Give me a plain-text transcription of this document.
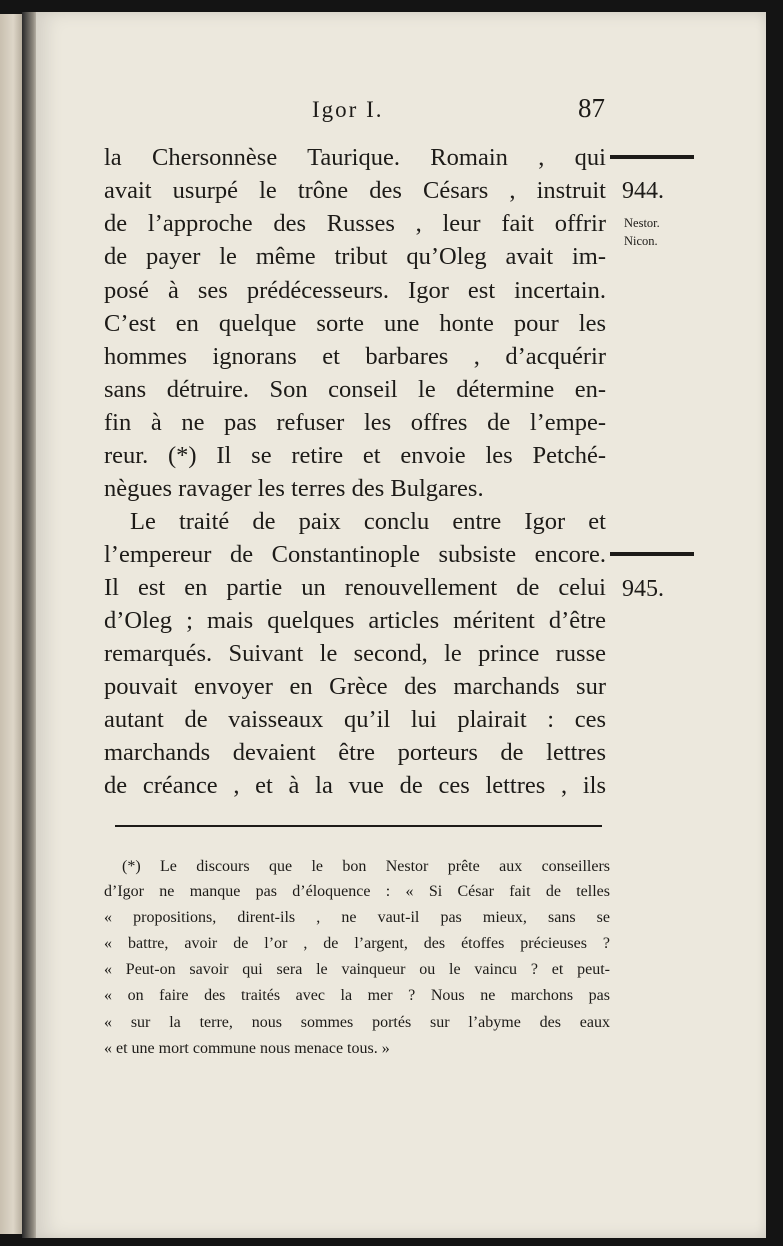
Igor I.	87
la Chersonnèse Taurique. Romain , qui
avait usurpé le trône des Césars , instruit
de l’approche des Russes , leur fait offrir
de payer le même tribut qu’Oleg avait im-
posé à ses prédécesseurs. Igor est incertain.
C’est en quelque sorte une honte pour les
hommes ignorans et barbares , d’acquérir
sans détruire. Son conseil le détermine en-
fin à ne pas refuser les offres de l’empe-
reur. (*) Il se retire et envoie les Petché-
nègues ravager les terres des Bulgares.
Le traité de paix conclu entre Igor et
l’empereur de Constantinople subsiste encore.
Il est en partie un renouvellement de celui
d’Oleg ; mais quelques articles méritent d’être
remarqués. Suivant le second, le prince russe
pouvait envoyer en Grèce des marchands sur
autant de vaisseaux qu’il lui plairait : ces
marchands devaient être porteurs de lettres
de créance , et à la vue de ces lettres , ils
944.
Nestor.
Nicon.
945.
(*) Le discours que le bon Nestor prête aux conseillers
d’Igor ne manque pas d’éloquence : « Si César fait de telles
« propositions, dirent-ils , ne vaut-il pas mieux, sans se
« battre, avoir de l’or , de l’argent, des étoffes précieuses ?
« Peut-on savoir qui sera le vainqueur ou le vaincu ? et peut-
« on faire des traités avec la mer ? Nous ne marchons pas
« sur la terre, nous sommes portés sur l’abyme des eaux
« et une mort commune nous menace tous. »
